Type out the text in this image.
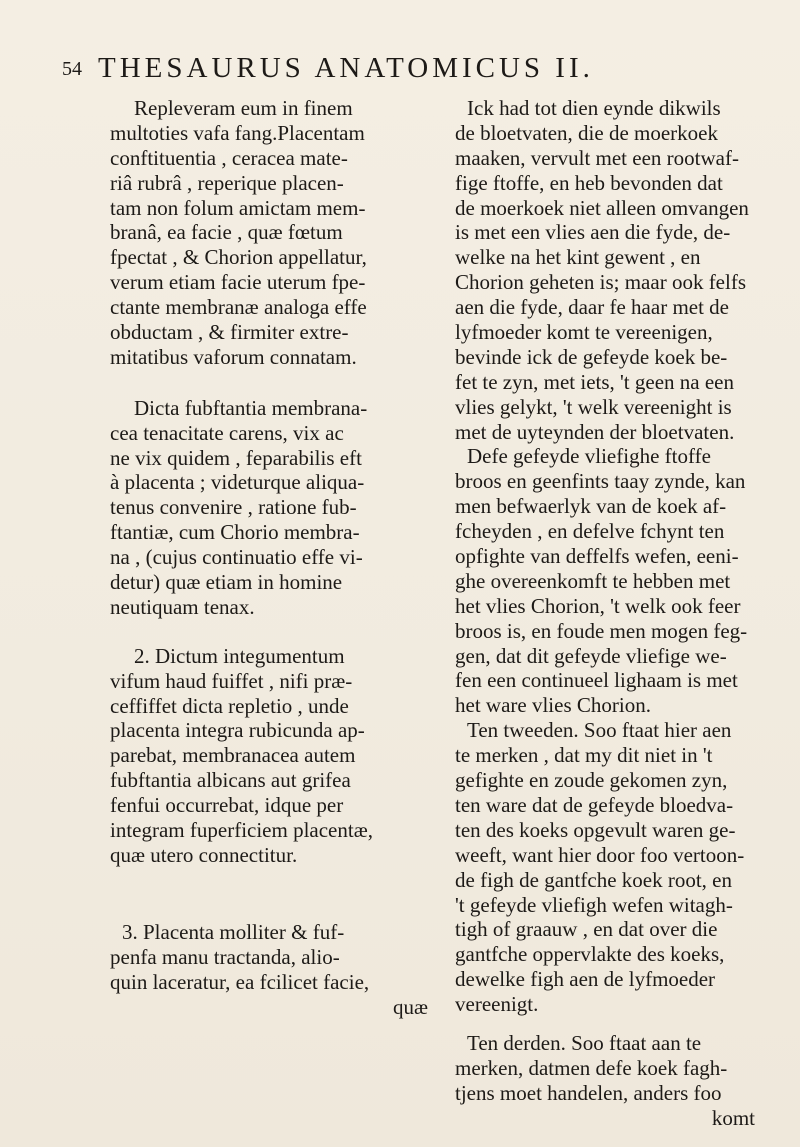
54 THESAURUS ANATOMICUS II.
Repleveram eum in finem
multoties vafa fang.Placentam
conftituentia , ceracea mate-
riâ rubrâ , reperique placen-
tam non folum amictam mem-
branâ, ea facie , quæ fœtum
fpectat , & Chorion appellatur,
verum etiam facie uterum fpe-
ctante membranæ analoga effe
obductam , & firmiter extre-
mitatibus vaforum connatam.
Dicta fubftantia membrana-
cea tenacitate carens, vix ac
ne vix quidem , feparabilis eft
à placenta ; videturque aliqua-
tenus convenire , ratione fub-
ftantiæ, cum Chorio membra-
na , (cujus continuatio effe vi-
detur) quæ etiam in homine
neutiquam tenax.
2. Dictum integumentum
vifum haud fuiffet , nifi præ-
ceffiffet dicta repletio , unde
placenta integra rubicunda ap-
parebat, membranacea autem
fubftantia albicans aut grifea
fenfui occurrebat, idque per
integram fuperficiem placentæ,
quæ utero connectitur.
3. Placenta molliter & fuf-
penfa manu tractanda, alio-
quin laceratur, ea fcilicet facie,
quæ
Ick had tot dien eynde dikwils
de bloetvaten, die de moerkoek
maaken, vervult met een rootwaf-
fige ftoffe, en heb bevonden dat
de moerkoek niet alleen omvangen
is met een vlies aen die fyde, de-
welke na het kint gewent , en
Chorion geheten is; maar ook felfs
aen die fyde, daar fe haar met de
lyfmoeder komt te vereenigen,
bevinde ick de gefeyde koek be-
fet te zyn, met iets, 't geen na een
vlies gelykt, 't welk vereenight is
met de uyteynden der bloetvaten.
Defe gefeyde vliefighe ftoffe
broos en geenfints taay zynde, kan
men befwaerlyk van de koek af-
fcheyden , en defelve fchynt ten
opfighte van deffelfs wefen, eeni-
ghe overeenkomft te hebben met
het vlies Chorion, 't welk ook feer
broos is, en foude men mogen feg-
gen, dat dit gefeyde vliefige we-
fen een continueel lighaam is met
het ware vlies Chorion.
Ten tweeden. Soo ftaat hier aen
te merken , dat my dit niet in 't
gefighte en zoude gekomen zyn,
ten ware dat de gefeyde bloedva-
ten des koeks opgevult waren ge-
weeft, want hier door foo vertoon-
de figh de gantfche koek root, en
't gefeyde vliefigh wefen witagh-
tigh of graauw , en dat over die
gantfche oppervlakte des koeks,
dewelke figh aen de lyfmoeder
vereenigt.
Ten derden. Soo ftaat aan te
merken, datmen defe koek fagh-
tjens moet handelen, anders foo
komt
